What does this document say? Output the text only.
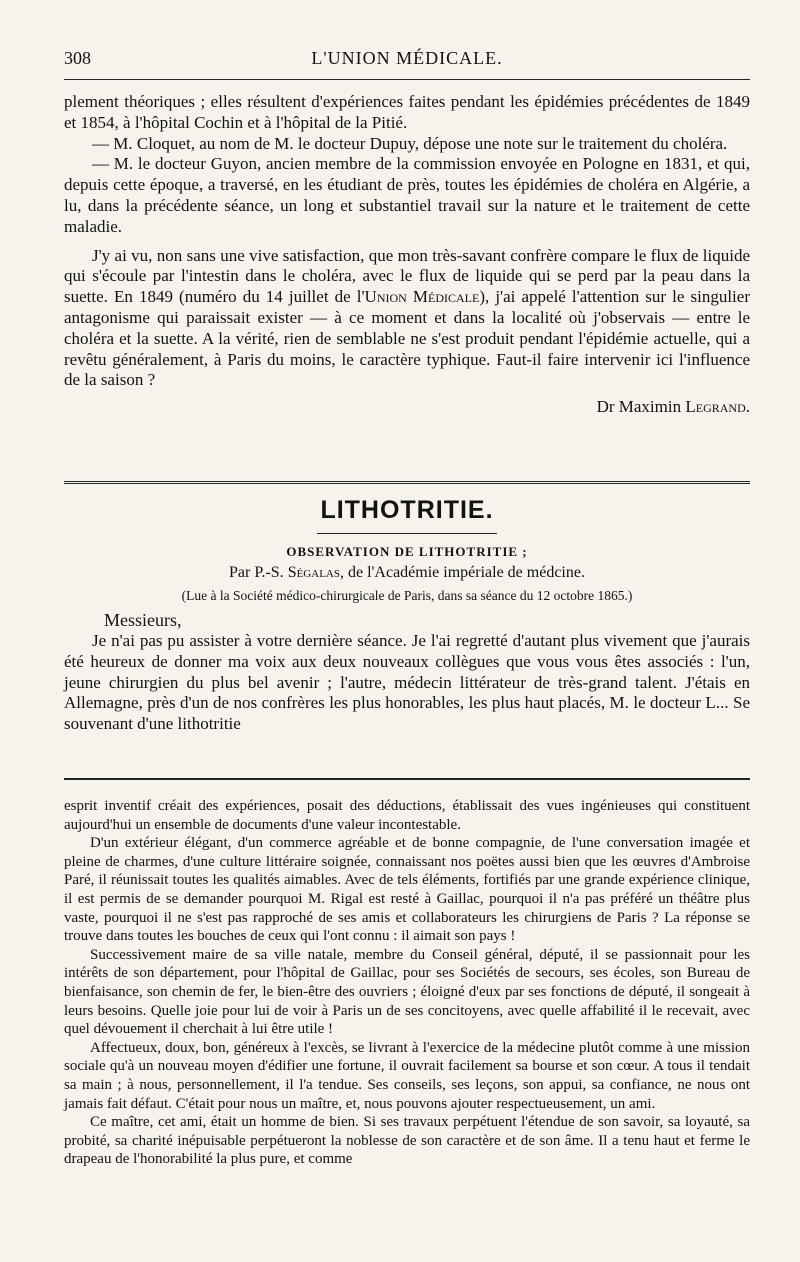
308	L'UNION MÉDICALE.

plement théoriques ; elles résultent d'expériences faites pendant les épidémies précédentes de 1849 et 1854, à l'hôpital Cochin et à l'hôpital de la Pitié.

— M. Cloquet, au nom de M. le docteur Dupuy, dépose une note sur le traitement du choléra.

— M. le docteur Guyon, ancien membre de la commission envoyée en Pologne en 1831, et qui, depuis cette époque, a traversé, en les étudiant de près, toutes les épidémies de choléra en Algérie, a lu, dans la précédente séance, un long et substantiel travail sur la nature et le traitement de cette maladie.

J'y ai vu, non sans une vive satisfaction, que mon très-savant confrère compare le flux de liquide qui s'écoule par l'intestin dans le choléra, avec le flux de liquide qui se perd par la peau dans la suette. En 1849 (numéro du 14 juillet de l'Union Médicale), j'ai appelé l'attention sur le singulier antagonisme qui paraissait exister — à ce moment et dans la localité où j'observais — entre le choléra et la suette. A la vérité, rien de semblable ne s'est produit pendant l'épidémie actuelle, qui a revêtu généralement, à Paris du moins, le caractère typhique. Faut-il faire intervenir ici l'influence de la saison ?

Dr Maximin Legrand.

LITHOTRITIE.

OBSERVATION DE LITHOTRITIE ;

Par P.-S. Ségalas, de l'Académie impériale de médcine.

(Lue à la Société médico-chirurgicale de Paris, dans sa séance du 12 octobre 1865.)

Messieurs,

Je n'ai pas pu assister à votre dernière séance. Je l'ai regretté d'autant plus vivement que j'aurais été heureux de donner ma voix aux deux nouveaux collègues que vous vous êtes associés : l'un, jeune chirurgien du plus bel avenir ; l'autre, médecin littérateur de très-grand talent. J'étais en Allemagne, près d'un de nos confrères les plus honorables, les plus haut placés, M. le docteur L... Se souvenant d'une lithotritie

esprit inventif créait des expériences, posait des déductions, établissait des vues ingénieuses qui constituent aujourd'hui un ensemble de documents d'une valeur incontestable.

D'un extérieur élégant, d'un commerce agréable et de bonne compagnie, de l'une conversation imagée et pleine de charmes, d'une culture littéraire soignée, connaissant nos poëtes aussi bien que les œuvres d'Ambroise Paré, il réunissait toutes les qualités aimables. Avec de tels éléments, fortifiés par une grande expérience clinique, il est permis de se demander pourquoi M. Rigal est resté à Gaillac, pourquoi il n'a pas préféré un théâtre plus vaste, pourquoi il ne s'est pas rapproché de ses amis et collaborateurs les chirurgiens de Paris ? La réponse se trouve dans toutes les bouches de ceux qui l'ont connu : il aimait son pays !

Successivement maire de sa ville natale, membre du Conseil général, député, il se passionnait pour les intérêts de son département, pour l'hôpital de Gaillac, pour ses Sociétés de secours, ses écoles, son Bureau de bienfaisance, son chemin de fer, le bien-être des ouvriers ; éloigné d'eux par ses fonctions de député, il songeait à leurs besoins. Quelle joie pour lui de voir à Paris un de ses concitoyens, avec quelle affabilité il le recevait, avec quel dévouement il cherchait à lui être utile !

Affectueux, doux, bon, généreux à l'excès, se livrant à l'exercice de la médecine plutôt comme à une mission sociale qu'à un nouveau moyen d'édifier une fortune, il ouvrait facilement sa bourse et son cœur. A tous il tendait sa main ; à nous, personnellement, il l'a tendue. Ses conseils, ses leçons, son appui, sa confiance, ne nous ont jamais fait défaut. C'était pour nous un maître, et, nous pouvons ajouter respectueusement, un ami.

Ce maître, cet ami, était un homme de bien. Si ses travaux perpétuent l'étendue de son savoir, sa loyauté, sa probité, sa charité inépuisable perpétueront la noblesse de son caractère et de son âme. Il a tenu haut et ferme le drapeau de l'honorabilité la plus pure, et comme
